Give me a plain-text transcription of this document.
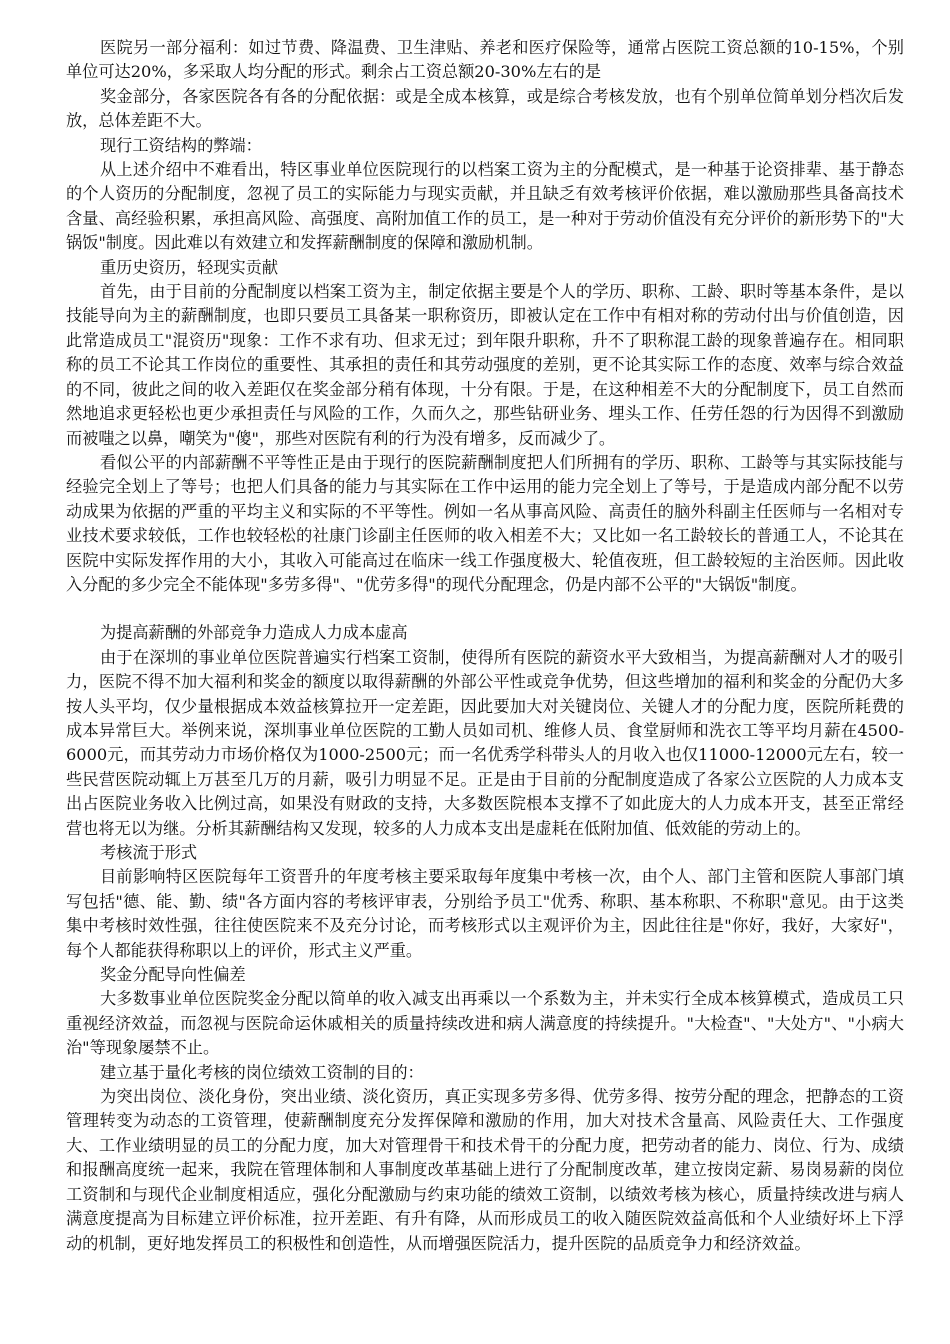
医院另一部分福利：如过节费、降温费、卫生津贴、养老和医疗保险等，通常占医院工资总额的10-15%，个别单位可达20%，多采取人均分配的形式。剩余占工资总额20-30%左右的是

奖金部分，各家医院各有各的分配依据：或是全成本核算，或是综合考核发放，也有个别单位简单划分档次后发放，总体差距不大。

现行工资结构的弊端：

从上述介绍中不难看出，特区事业单位医院现行的以档案工资为主的分配模式，是一种基于论资排辈、基于静态的个人资历的分配制度，忽视了员工的实际能力与现实贡献，并且缺乏有效考核评价依据，难以激励那些具备高技术含量、高经验积累，承担高风险、高强度、高附加值工作的员工，是一种对于劳动价值没有充分评价的新形势下的"大锅饭"制度。因此难以有效建立和发挥薪酬制度的保障和激励机制。

重历史资历，轻现实贡献

首先，由于目前的分配制度以档案工资为主，制定依据主要是个人的学历、职称、工龄、职时等基本条件，是以技能导向为主的薪酬制度，也即只要员工具备某一职称资历，即被认定在工作中有相对称的劳动付出与价值创造，因此常造成员工"混资历"现象：工作不求有功、但求无过；到年限升职称，升不了职称混工龄的现象普遍存在。相同职称的员工不论其工作岗位的重要性、其承担的责任和其劳动强度的差别，更不论其实际工作的态度、效率与综合效益的不同，彼此之间的收入差距仅在奖金部分稍有体现，十分有限。于是，在这种相差不大的分配制度下，员工自然而然地追求更轻松也更少承担责任与风险的工作，久而久之，那些钻研业务、埋头工作、任劳任怨的行为因得不到激励而被嗤之以鼻，嘲笑为"傻"，那些对医院有利的行为没有增多，反而减少了。

看似公平的内部薪酬不平等性正是由于现行的医院薪酬制度把人们所拥有的学历、职称、工龄等与其实际技能与经验完全划上了等号；也把人们具备的能力与其实际在工作中运用的能力完全划上了等号，于是造成内部分配不以劳动成果为依据的严重的平均主义和实际的不平等性。例如一名从事高风险、高责任的脑外科副主任医师与一名相对专业技术要求较低，工作也较轻松的社康门诊副主任医师的收入相差不大；又比如一名工龄较长的普通工人，不论其在医院中实际发挥作用的大小，其收入可能高过在临床一线工作强度极大、轮值夜班，但工龄较短的主治医师。因此收入分配的多少完全不能体现"多劳多得"、"优劳多得"的现代分配理念，仍是内部不公平的"大锅饭"制度。

为提高薪酬的外部竞争力造成人力成本虚高

由于在深圳的事业单位医院普遍实行档案工资制，使得所有医院的薪资水平大致相当，为提高薪酬对人才的吸引力，医院不得不加大福利和奖金的额度以取得薪酬的外部公平性或竞争优势，但这些增加的福利和奖金的分配仍大多按人头平均，仅少量根据成本效益核算拉开一定差距，因此要加大对关键岗位、关键人才的分配力度，医院所耗费的成本异常巨大。举例来说，深圳事业单位医院的工勤人员如司机、维修人员、食堂厨师和洗衣工等平均月薪在4500-6000元，而其劳动力市场价格仅为1000-2500元；而一名优秀学科带头人的月收入也仅11000-12000元左右，较一些民营医院动辄上万甚至几万的月薪，吸引力明显不足。正是由于目前的分配制度造成了各家公立医院的人力成本支出占医院业务收入比例过高，如果没有财政的支持，大多数医院根本支撑不了如此庞大的人力成本开支，甚至正常经营也将无以为继。分析其薪酬结构又发现，较多的人力成本支出是虚耗在低附加值、低效能的劳动上的。

考核流于形式

目前影响特区医院每年工资晋升的年度考核主要采取每年度集中考核一次，由个人、部门主管和医院人事部门填写包括"德、能、勤、绩"各方面内容的考核评审表，分别给予员工"优秀、称职、基本称职、不称职"意见。由于这类集中考核时效性强，往往使医院来不及充分讨论，而考核形式以主观评价为主，因此往往是"你好，我好，大家好"，每个人都能获得称职以上的评价，形式主义严重。

奖金分配导向性偏差

大多数事业单位医院奖金分配以简单的收入减支出再乘以一个系数为主，并未实行全成本核算模式，造成员工只重视经济效益，而忽视与医院命运休戚相关的质量持续改进和病人满意度的持续提升。"大检查"、"大处方"、"小病大治"等现象屡禁不止。

建立基于量化考核的岗位绩效工资制的目的：

为突出岗位、淡化身份，突出业绩、淡化资历，真正实现多劳多得、优劳多得、按劳分配的理念，把静态的工资管理转变为动态的工资管理，使薪酬制度充分发挥保障和激励的作用，加大对技术含量高、风险责任大、工作强度大、工作业绩明显的员工的分配力度，加大对管理骨干和技术骨干的分配力度，把劳动者的能力、岗位、行为、成绩和报酬高度统一起来，我院在管理体制和人事制度改革基础上进行了分配制度改革，建立按岗定薪、易岗易薪的岗位工资制和与现代企业制度相适应，强化分配激励与约束功能的绩效工资制，以绩效考核为核心，质量持续改进与病人满意度提高为目标建立评价标准，拉开差距、有升有降，从而形成员工的收入随医院效益高低和个人业绩好坏上下浮动的机制，更好地发挥员工的积极性和创造性，从而增强医院活力，提升医院的品质竞争力和经济效益。
